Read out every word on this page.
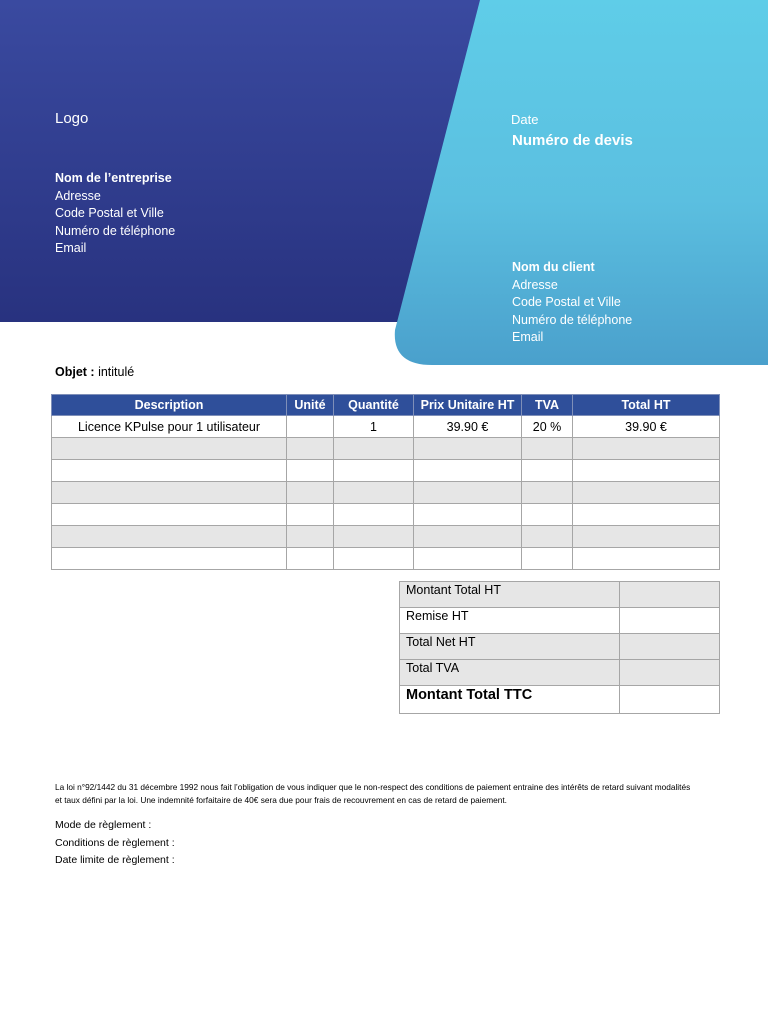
Logo
Nom de l’entreprise
Adresse
Code Postal et Ville
Numéro de téléphone
Email
Date
Numéro de devis
Nom du client
Adresse
Code Postal et Ville
Numéro de téléphone
Email
Objet : intitulé
Description	Unité	Quantité	Prix Unitaire HT	TVA	Total HT
Licence KPulse pour 1 utilisateur		1	39.90 €	20 %	39.90 €

Montant Total HT	
Remise HT	
Total Net HT	
Total TVA	
Montant Total TTC	
La loi n°92/1442 du 31 décembre 1992 nous fait l’obligation de vous indiquer que le non-respect des conditions de paiement entraine des intérêts de retard suivant modalités et taux défini par la loi. Une indemnité forfaitaire de 40€ sera due pour frais de recouvrement en cas de retard de paiement.
Mode de règlement :
Conditions de règlement :
Date limite de règlement :
